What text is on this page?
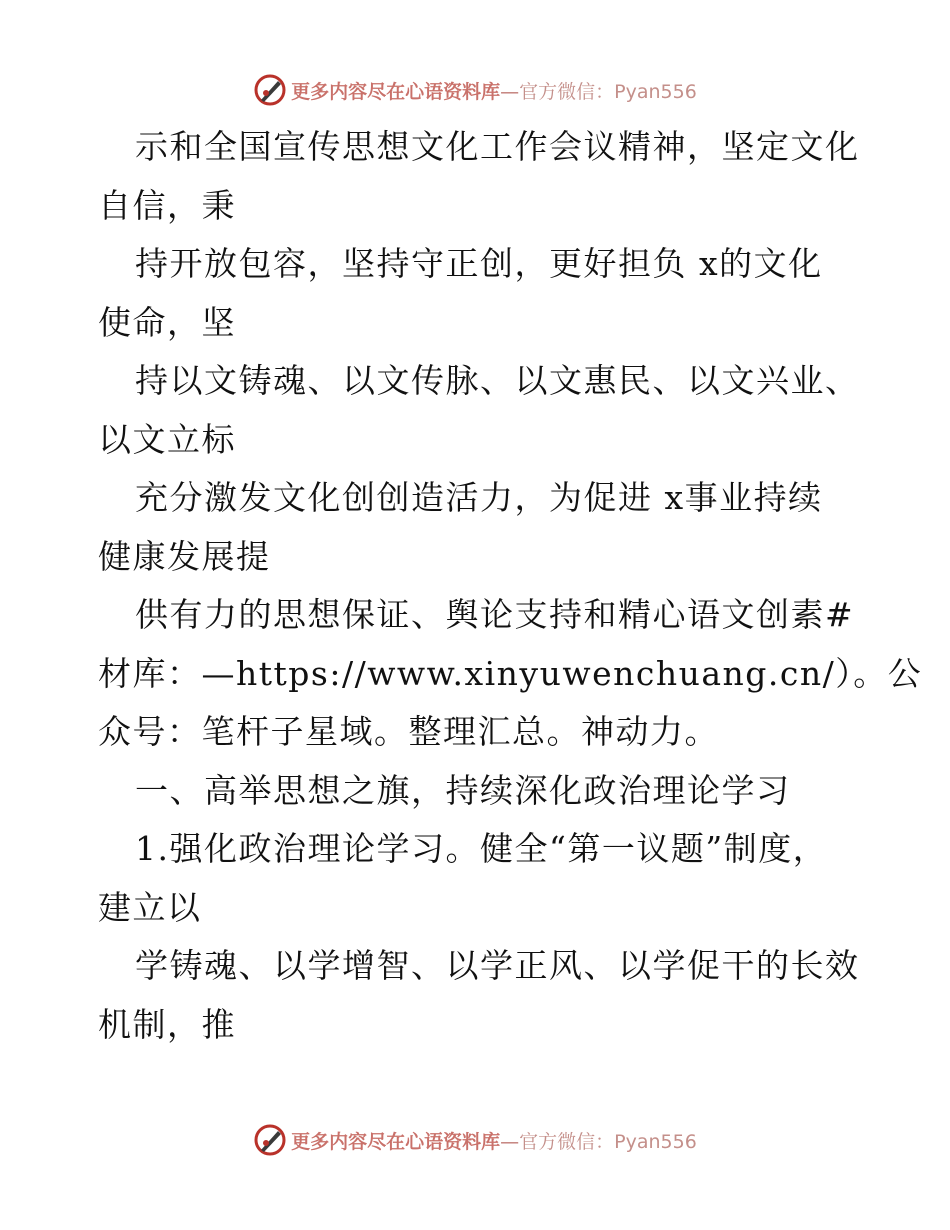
更多内容尽在心语资料库—官方微信：Pyan556
示和全国宣传思想文化工作会议精神，坚定文化
自信，秉
持开放包容，坚持守正创，更好担负 x的文化
使命，坚
持以文铸魂、以文传脉、以文惠民、以文兴业、
以文立标
充分激发文化创创造活力，为促进 x事业持续
健康发展提
供有力的思想保证、舆论支持和精心语文创素#
材库：—https://www.xinyuwenchuang.cn/）。公
众号：笔杆子星域。整理汇总。神动力。
一、高举思想之旗，持续深化政治理论学习
1.强化政治理论学习。健全“第一议题”制度，
建立以
学铸魂、以学增智、以学正风、以学促干的长效
机制，推
更多内容尽在心语资料库—官方微信：Pyan556
